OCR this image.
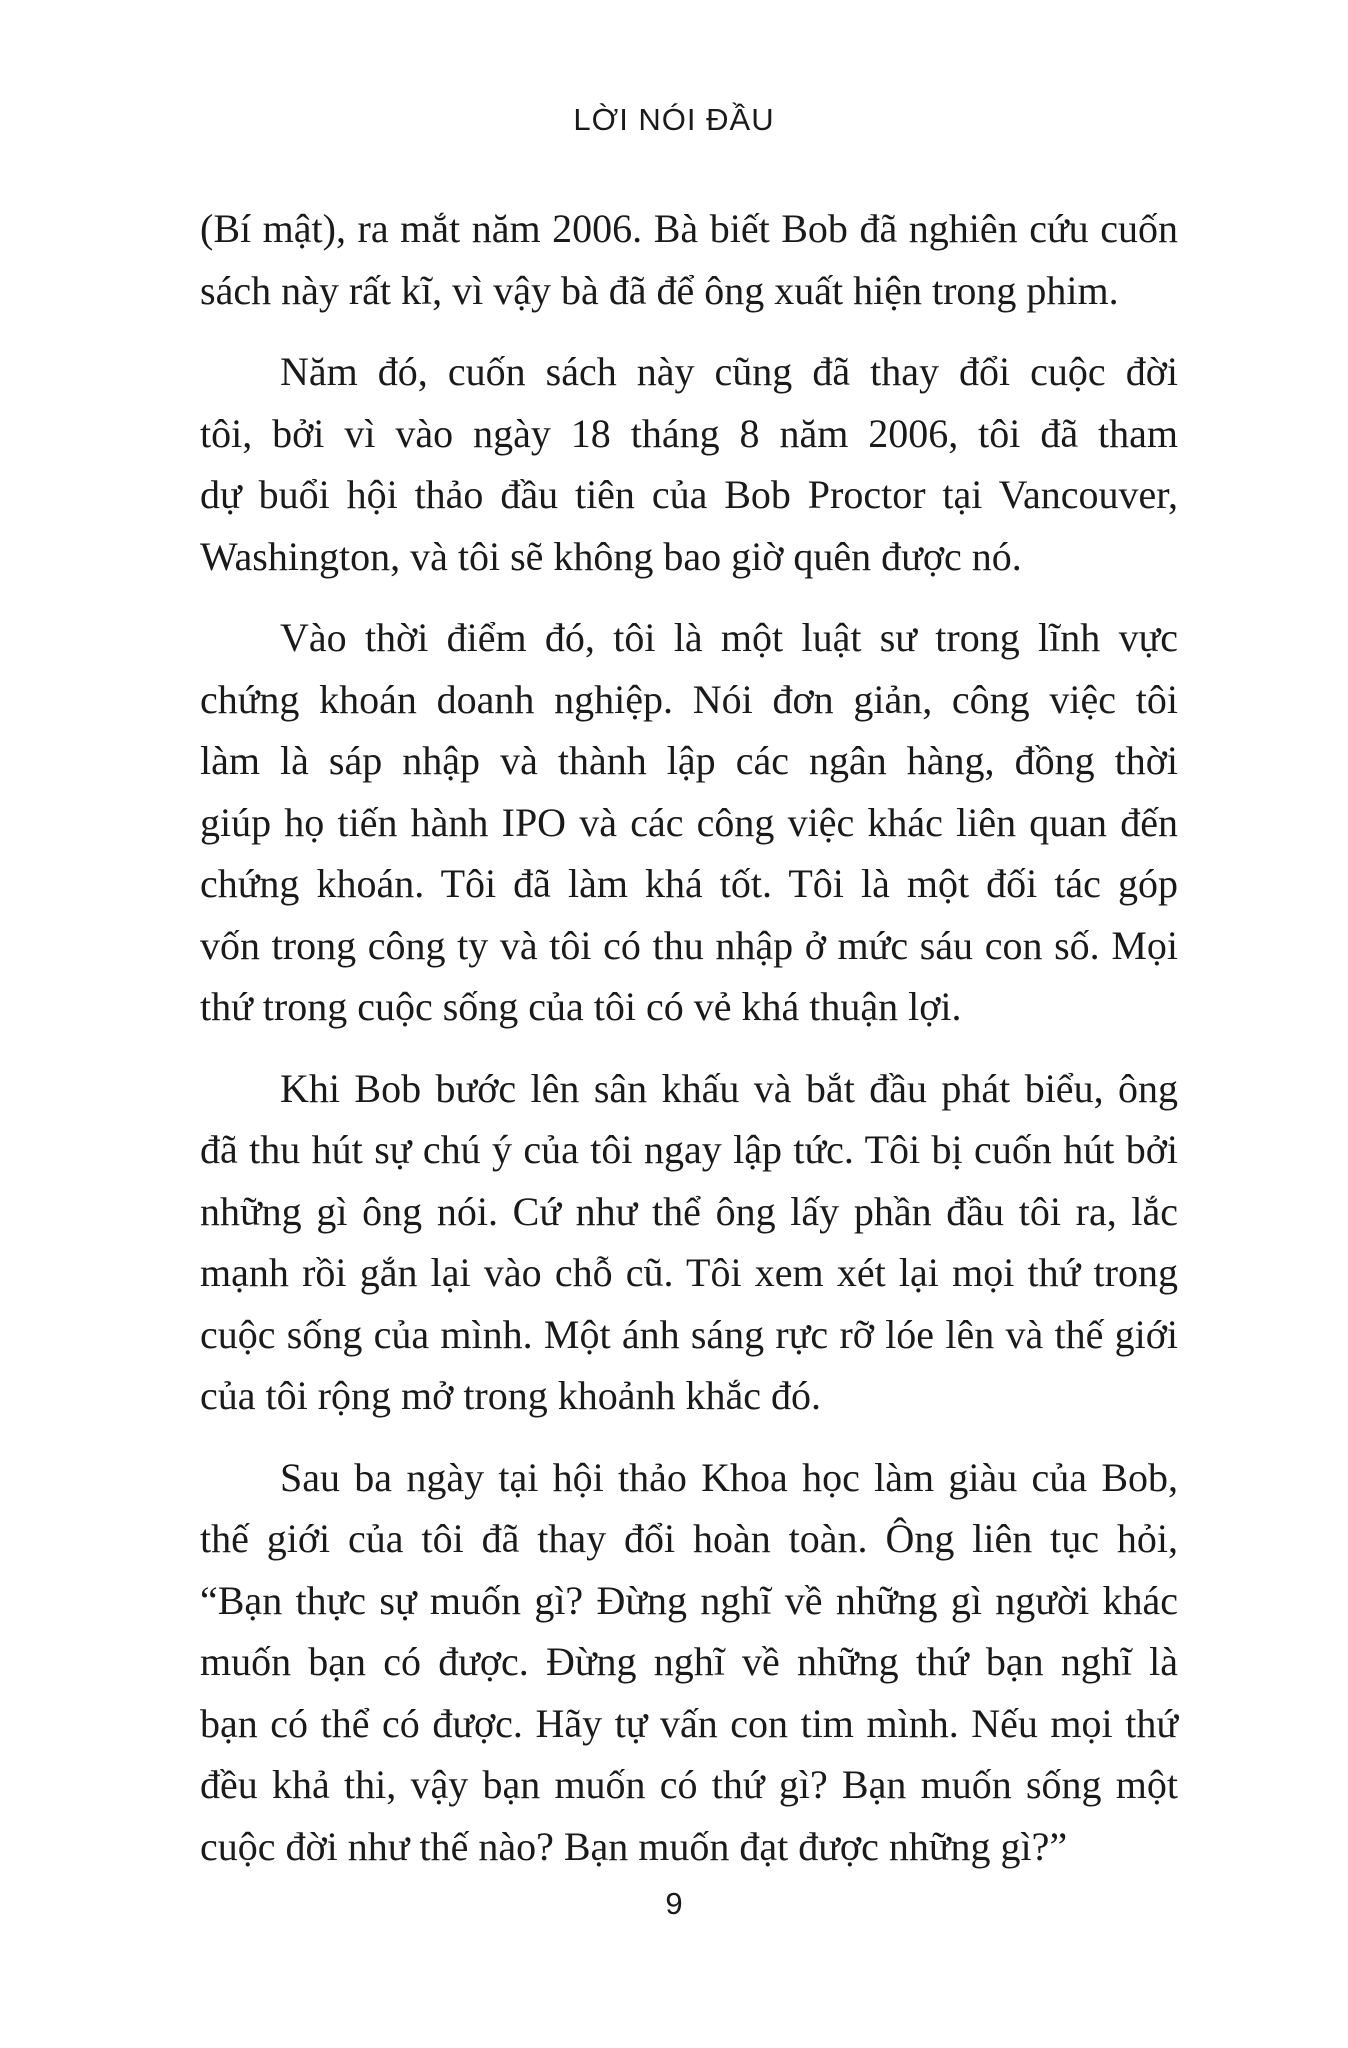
LỜI NÓI ĐẦU
(Bí mật), ra mắt năm 2006. Bà biết Bob đã nghiên cứu cuốn
sách này rất kĩ, vì vậy bà đã để ông xuất hiện trong phim.
Năm đó, cuốn sách này cũng đã thay đổi cuộc đời
tôi, bởi vì vào ngày 18 tháng 8 năm 2006, tôi đã tham
dự buổi hội thảo đầu tiên của Bob Proctor tại Vancouver,
Washington, và tôi sẽ không bao giờ quên được nó.
Vào thời điểm đó, tôi là một luật sư trong lĩnh vực
chứng khoán doanh nghiệp. Nói đơn giản, công việc tôi
làm là sáp nhập và thành lập các ngân hàng, đồng thời
giúp họ tiến hành IPO và các công việc khác liên quan đến
chứng khoán. Tôi đã làm khá tốt. Tôi là một đối tác góp
vốn trong công ty và tôi có thu nhập ở mức sáu con số. Mọi
thứ trong cuộc sống của tôi có vẻ khá thuận lợi.
Khi Bob bước lên sân khấu và bắt đầu phát biểu, ông
đã thu hút sự chú ý của tôi ngay lập tức. Tôi bị cuốn hút bởi
những gì ông nói. Cứ như thể ông lấy phần đầu tôi ra, lắc
mạnh rồi gắn lại vào chỗ cũ. Tôi xem xét lại mọi thứ trong
cuộc sống của mình. Một ánh sáng rực rỡ lóe lên và thế giới
của tôi rộng mở trong khoảnh khắc đó.
Sau ba ngày tại hội thảo Khoa học làm giàu của Bob,
thế giới của tôi đã thay đổi hoàn toàn. Ông liên tục hỏi,
“Bạn thực sự muốn gì? Đừng nghĩ về những gì người khác
muốn bạn có được. Đừng nghĩ về những thứ bạn nghĩ là
bạn có thể có được. Hãy tự vấn con tim mình. Nếu mọi thứ
đều khả thi, vậy bạn muốn có thứ gì? Bạn muốn sống một
cuộc đời như thế nào? Bạn muốn đạt được những gì?”
9
